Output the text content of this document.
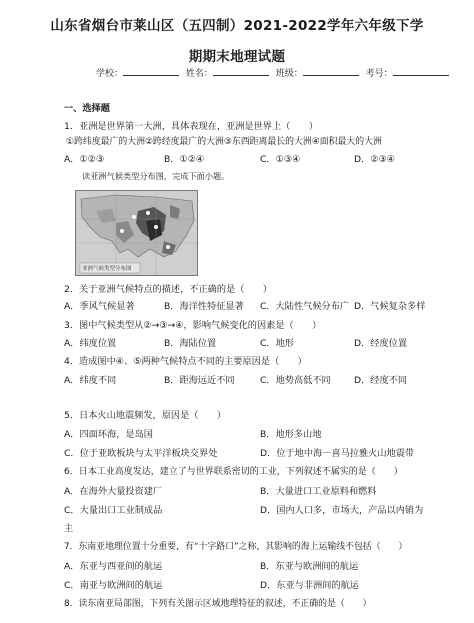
山东省烟台市莱山区（五四制）2021-2022学年六年级下学
期期末地理试题
学校：	姓名：	班级：	考号：
一、选择题
1．亚洲是世界第一大洲，具体表现在，亚洲是世界上（　　）
①跨纬度最广的大洲②跨经度最广的大洲③东西距离最长的大洲④面积最大的大洲
A．①②③	B．①②④	C．①③④	D．②③④
读亚洲气候类型分布图，完成下面小题。
亚洲气候类型分布图
2．关于亚洲气候特点的描述，不正确的是（　　）
A．季风气候显著	B．海洋性特征显著 C．大陆性气候分布广 D．气候复杂多样
3．图中气候类型从②→③→④，影响气候变化的因素是（　　）
A．纬度位置	B．海陆位置	C．地形	D．经度位置
4．造成图中④、⑤两种气候特点不同的主要原因是（　　）
A．纬度不同	B．距海远近不同	C．地势高低不同	D．经度不同
5．日本火山地震频发，原因是（　　）
A．四面环海，是岛国	B．地形多山地
C．位于亚欧板块与太平洋板块交界处	D．位于地中海－喜马拉雅火山地震带
6．日本工业高度发达，建立了与世界联系密切的工业，下列叙述不属实的是（　　）
A．在海外大量投资建厂	B．大量进口工业原料和燃料
C．大量出口工业制成品	D．国内人口多，市场大，产品以内销为
主
7．东南亚地理位置十分重要，有“十字路口”之称，其影响的海上运输线不包括（　　）
A．东亚与西亚间的航运	B．东亚与欧洲间的航运
C．南亚与欧洲间的航运	D．东亚与非洲间的航运
8．读东南亚局部图，下列有关图示区域地理特征的叙述，不正确的是（　　）
